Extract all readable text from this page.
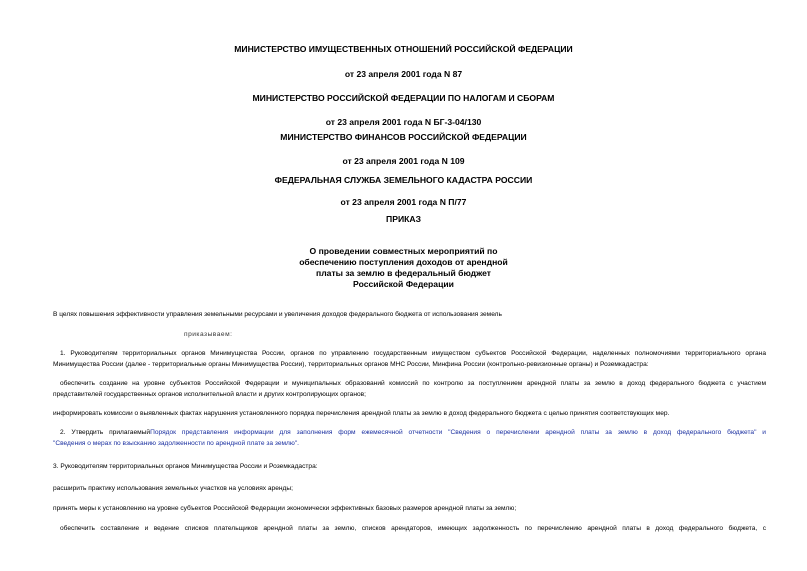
МИНИСТЕРСТВО ИМУЩЕСТВЕННЫХ ОТНОШЕНИЙ РОССИЙСКОЙ ФЕДЕРАЦИИ
от 23 апреля 2001 года N 87
МИНИСТЕРСТВО РОССИЙСКОЙ ФЕДЕРАЦИИ ПО НАЛОГАМ И СБОРАМ
от 23 апреля 2001 года N БГ-3-04/130
МИНИСТЕРСТВО ФИНАНСОВ РОССИЙСКОЙ ФЕДЕРАЦИИ
от 23 апреля 2001 года N 109
ФЕДЕРАЛЬНАЯ СЛУЖБА ЗЕМЕЛЬНОГО КАДАСТРА РОССИИ
от 23 апреля 2001 года N П/77
ПРИКАЗ
О проведении совместных мероприятий по
обеспечению поступления доходов от арендной
платы за землю в федеральный бюджет
Российской Федерации
В целях повышения эффективности управления земельными ресурсами и увеличения доходов федерального бюджета от использования земель
приказываем:
1. Руководителям территориальных органов Минимущества России, органов по управлению государственным имуществом субъектов Российской Федерации, наделенных полномочиями территориального органа
Минимущества России (далее - территориальные органы Минимущества России), территориальных органов МНС России, Минфина России (контрольно-ревизионные органы) и Роземкадастра:
обеспечить создание на уровне субъектов Российской Федерации и муниципальных образований комиссий по контролю за поступлением арендной платы за землю в доход федерального бюджета с участием
представителей государственных органов исполнительной власти и других контролирующих органов;
информировать комиссии о выявленных фактах нарушения установленного порядка перечисления арендной платы за землю в доход федерального бюджета с целью принятия соответствующих мер.
2. Утвердить прилагаемыйПорядок представления информации для заполнения форм ежемесячной отчетности "Сведения о перечислении арендной платы за землю в доход федерального бюджета" и
"Сведения о мерах по взысканию задолженности по арендной плате за землю".
3. Руководителям территориальных органов Минимущества России и Роземкадастра:
расширить практику использования земельных участков на условиях аренды;
принять меры к установлению на уровне субъектов Российской Федерации экономически эффективных базовых размеров арендной платы за землю;
обеспечить составление и ведение списков плательщиков арендной платы за землю, списков арендаторов, имеющих задолженность по перечислению арендной платы в доход федерального бюджета, с
